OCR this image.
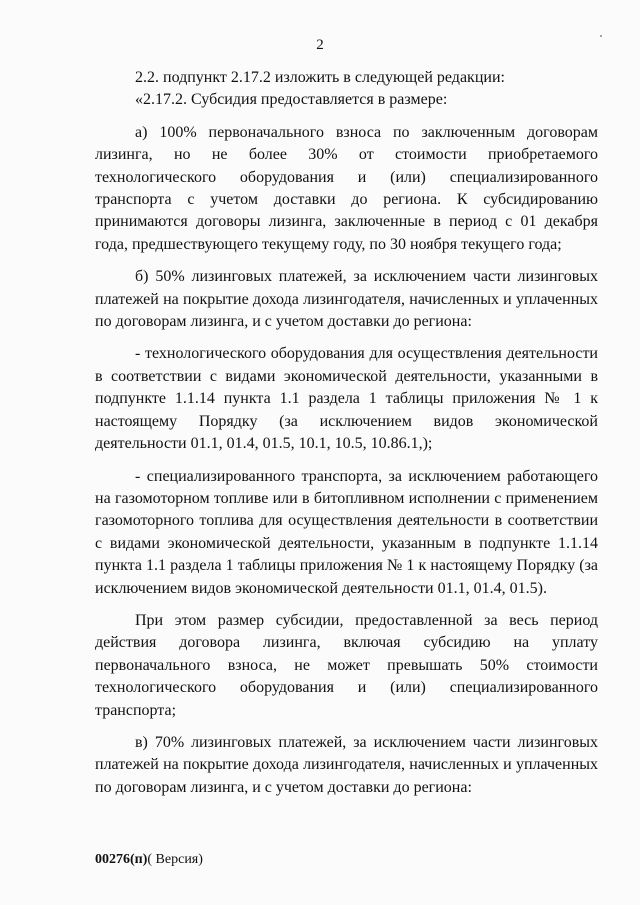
2

2.2. подпункт 2.17.2 изложить в следующей редакции:

«2.17.2. Субсидия предоставляется в размере:

а) 100% первоначального взноса по заключенным договорам лизинга, но не более 30% от стоимости приобретаемого технологического оборудования и (или) специализированного транспорта с учетом доставки до региона. К субсидированию принимаются договоры лизинга, заключенные в период с 01 декабря года, предшествующего текущему году, по 30 ноября текущего года;

б) 50% лизинговых платежей, за исключением части лизинговых платежей на покрытие дохода лизингодателя, начисленных и уплаченных по договорам лизинга, и с учетом доставки до региона:

- технологического оборудования для осуществления деятельности в соответствии с видами экономической деятельности, указанными в подпункте 1.1.14 пункта 1.1 раздела 1 таблицы приложения № 1 к настоящему Порядку (за исключением видов экономической деятельности 01.1, 01.4, 01.5, 10.1, 10.5, 10.86.1,);

- специализированного транспорта, за исключением работающего на газомоторном топливе или в битопливном исполнении с применением газомоторного топлива для осуществления деятельности в соответствии с видами экономической деятельности, указанным в подпункте 1.1.14 пункта 1.1 раздела 1 таблицы приложения № 1 к настоящему Порядку (за исключением видов экономической деятельности 01.1, 01.4, 01.5).

При этом размер субсидии, предоставленной за весь период действия договора лизинга, включая субсидию на уплату первоначального взноса, не может превышать 50% стоимости технологического оборудования и (или) специализированного транспорта;

в) 70% лизинговых платежей, за исключением части лизинговых платежей на покрытие дохода лизингодателя, начисленных и уплаченных по договорам лизинга, и с учетом доставки до региона:

00276(п)( Версия)
